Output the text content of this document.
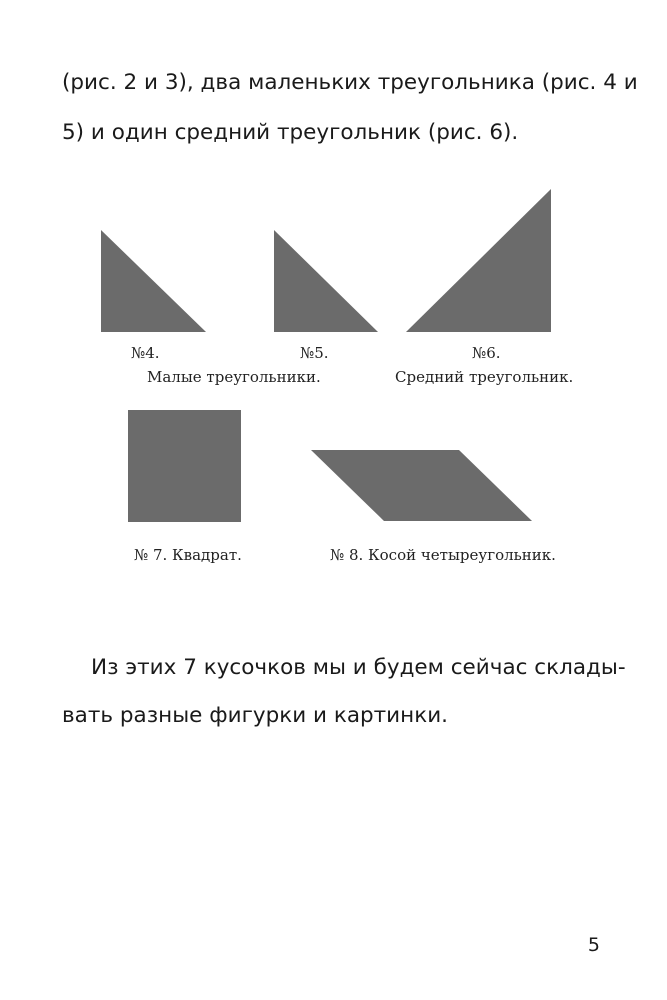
(рис. 2 и 3), два маленьких треугольника (рис. 4 и
5) и один средний треугольник (рис. 6).
№4.	№5.	№6.
Малые треугольники.	Средний треугольник.
№ 7. Квадрат.	№ 8. Косой четыреугольник.
Из этих 7 кусочков мы и будем сейчас склады-
вать разные фигурки и картинки.
5
